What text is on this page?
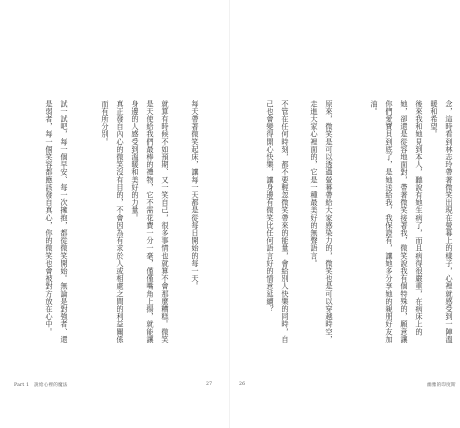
每天帶著微笑起床，讓每一天都是從每日開始的每一天。
就算有時候不如預期、又一笑自己，很多事情也就算不會那麼糟糕。微笑是天使給我們最棒的禮物，它不需花費一分一毫，僅僅嘴角上揚，就能讓身邊的人感受到溫暖和美好的力量。
真正發自內心的微笑沒有目的，不會因為有求於人或相處之間的利益關係而有所分別。
試一試吧，每一個早安、每一次擁抱，都從微笑開始。無論是對強者、還是弱者，每一個笑容都應該發自真心，你的微笑也會被對方放在心中。
Part 1　說給心裡的魔法	27
念，這時看到林志玲帶著微笑出現在螢幕上的樣子，心裡就感受到一陣溫暖和希望。
後來我和她見到本人，聽說有她生病了，而且病得很嚴重，在病床上的她，卻還是從容地面對，帶著微笑接著我，微笑說我有個特殊的，願意讓你們愛寶貝到底了，是她送給我，我保證有，讓她多分享她的親朋好友加油。
原來，微笑是可以透過螢幕帶給大家感染力的，微笑也是可以穿越時空，走進大家心裡面的，它是一種最美好的無聲語言。
不管在任何時刻，都不要輕忽微笑帶來的能量，會給別人快樂的同時，自己也會變得開心快樂，讓身邊有微笑比任何語言好的情意延續？
26	幽雅的印度斯
